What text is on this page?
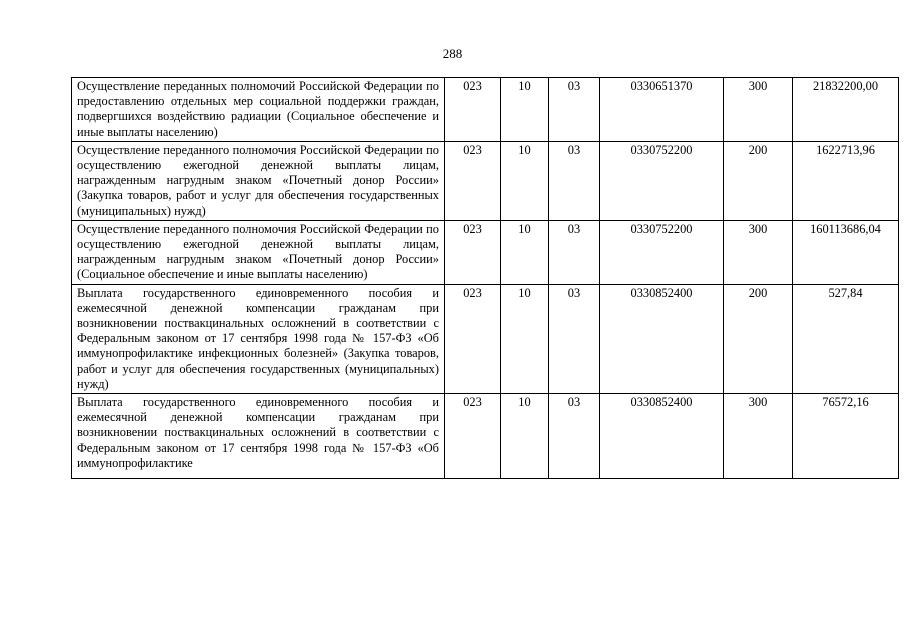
288
Осуществление переданных полномочий Российской Федерации по предоставлению отдельных мер социальной поддержки граждан, подвергшихся воздействию радиации (Социальное обеспечение и иные выплаты населению)	023	10	03	0330651370	300	21832200,00
Осуществление переданного полномочия Российской Федерации по осуществлению ежегодной денежной выплаты лицам, награжденным нагрудным знаком «Почетный донор России» (Закупка товаров, работ и услуг для обеспечения государственных (муниципальных) нужд)	023	10	03	0330752200	200	1622713,96
Осуществление переданного полномочия Российской Федерации по осуществлению ежегодной денежной выплаты лицам, награжденным нагрудным знаком «Почетный донор России» (Социальное обеспечение и иные выплаты населению)	023	10	03	0330752200	300	160113686,04
Выплата государственного единовременного пособия и ежемесячной денежной компенсации гражданам при возникновении поствакцинальных осложнений в соответствии с Федеральным законом от 17 сентября 1998 года № 157-ФЗ «Об иммунопрофилактике инфекционных болезней» (Закупка товаров, работ и услуг для обеспечения государственных (муниципальных) нужд)	023	10	03	0330852400	200	527,84

Выплата государственного единовременного пособия и ежемесячной денежной компенсации гражданам при возникновении поствакцинальных осложнений в соответствии с Федеральным законом от 17 сентября 1998 года № 157-ФЗ «Об иммунопрофилактике	023	10	03	0330852400	300	76572,16
